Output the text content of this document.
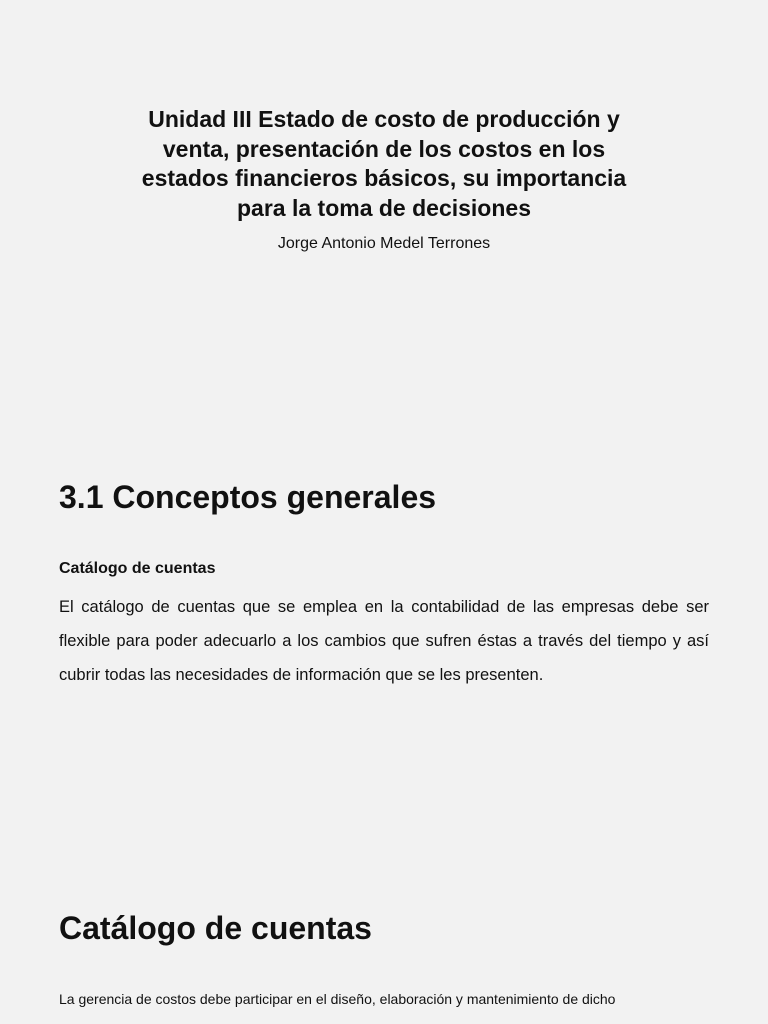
Unidad III Estado de costo de producción y
venta, presentación de los costos en los
estados financieros básicos, su importancia
para la toma de decisiones

Jorge Antonio Medel Terrones

3.1 Conceptos generales
Catálogo de cuentas

El catálogo de cuentas que se emplea en la contabilidad de las empresas debe ser flexible para poder adecuarlo a los cambios que sufren éstas a través del tiempo y así cubrir todas las necesidades de información que se les presenten.

Catálogo de cuentas

La gerencia de costos debe participar en el diseño, elaboración y mantenimiento de dicho
